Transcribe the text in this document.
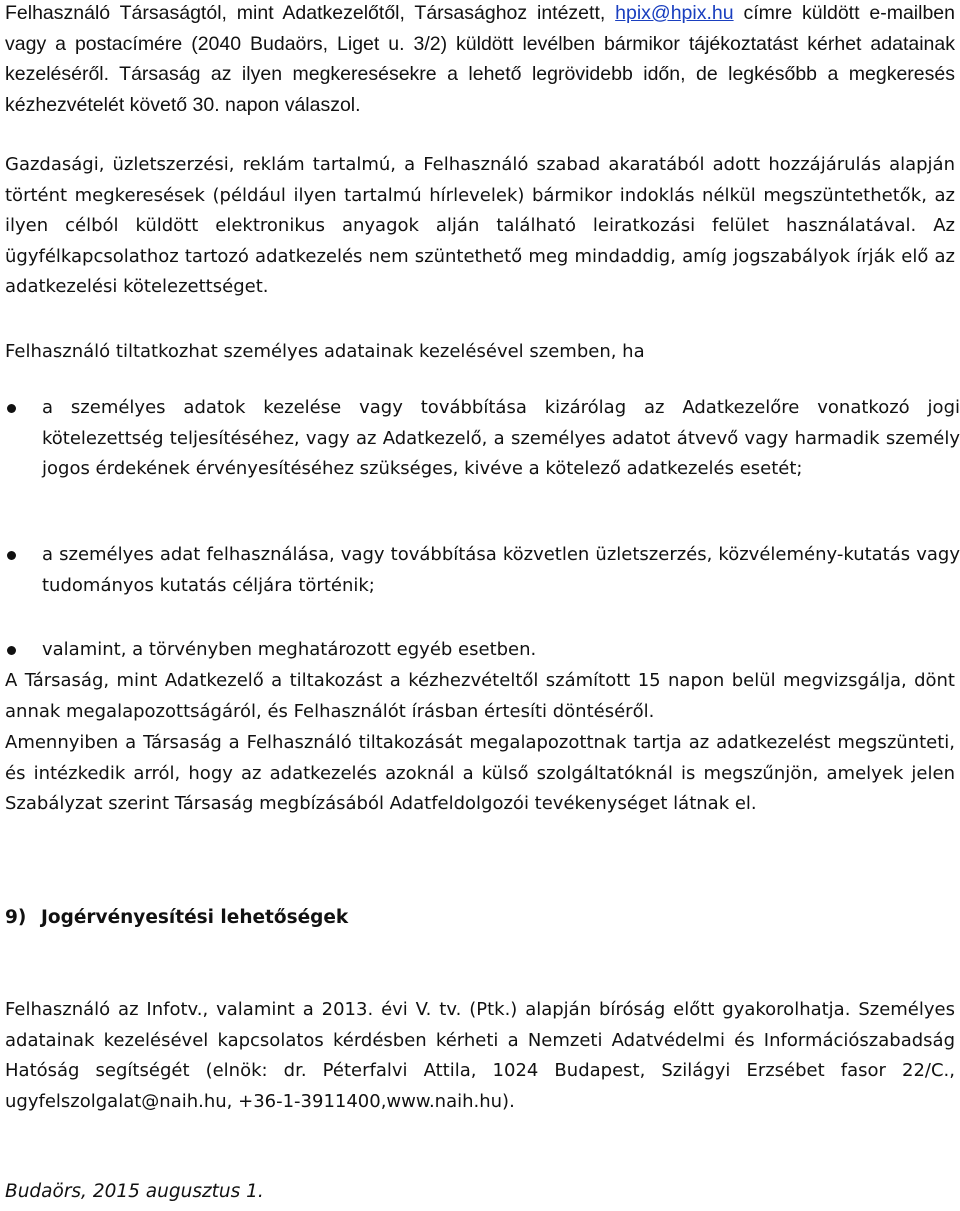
Felhasználó Társaságtól, mint Adatkezelőtől, Társasághoz intézett, hpix@hpix.hu címre küldött e-mailben vagy a postacímére (2040 Budaörs, Liget u. 3/2) küldött levélben bármikor tájékoztatást kérhet adatainak kezeléséről. Társaság az ilyen megkeresésekre a lehető legrövidebb időn, de legkésőbb a megkeresés kézhezvételét követő 30. napon válaszol.

Gazdasági, üzletszerzési, reklám tartalmú, a Felhasználó szabad akaratából adott hozzájárulás alapján történt megkeresések (például ilyen tartalmú hírlevelek) bármikor indoklás nélkül megszüntethetők, az ilyen célból küldött elektronikus anyagok alján található leiratkozási felület használatával. Az ügyfélkapcsolathoz tartozó adatkezelés nem szüntethető meg mindaddig, amíg jogszabályok írják elő az adatkezelési kötelezettséget.

Felhasználó tiltatkozhat személyes adatainak kezelésével szemben, ha

a személyes adatok kezelése vagy továbbítása kizárólag az Adatkezelőre vonatkozó jogi kötelezettség teljesítéséhez, vagy az Adatkezelő, a személyes adatot átvevő vagy harmadik személy jogos érdekének érvényesítéséhez szükséges, kivéve a kötelező adatkezelés esetét;

a személyes adat felhasználása, vagy továbbítása közvetlen üzletszerzés, közvélemény-kutatás vagy tudományos kutatás céljára történik;

valamint, a törvényben meghatározott egyéb esetben.

A Társaság, mint Adatkezelő a tiltakozást a kézhezvételtől számított 15 napon belül megvizsgálja, dönt annak megalapozottságáról, és Felhasználót írásban értesíti döntéséről.

Amennyiben a Társaság a Felhasználó tiltakozását megalapozottnak tartja az adatkezelést megszünteti, és intézkedik arról, hogy az adatkezelés azoknál a külső szolgáltatóknál is megszűnjön, amelyek jelen Szabályzat szerint Társaság megbízásából Adatfeldolgozói tevékenységet látnak el.

9) Jogérvényesítési lehetőségek

Felhasználó az Infotv., valamint a 2013. évi V. tv. (Ptk.) alapján bíróság előtt gyakorolhatja. Személyes adatainak kezelésével kapcsolatos kérdésben kérheti a Nemzeti Adatvédelmi és Információszabadság Hatóság segítségét (elnök: dr. Péterfalvi Attila, 1024 Budapest, Szilágyi Erzsébet fasor 22/C., ugyfelszolgalat@naih.hu, +36-1-3911400,www.naih.hu).

Budaörs, 2015 augusztus 1.
